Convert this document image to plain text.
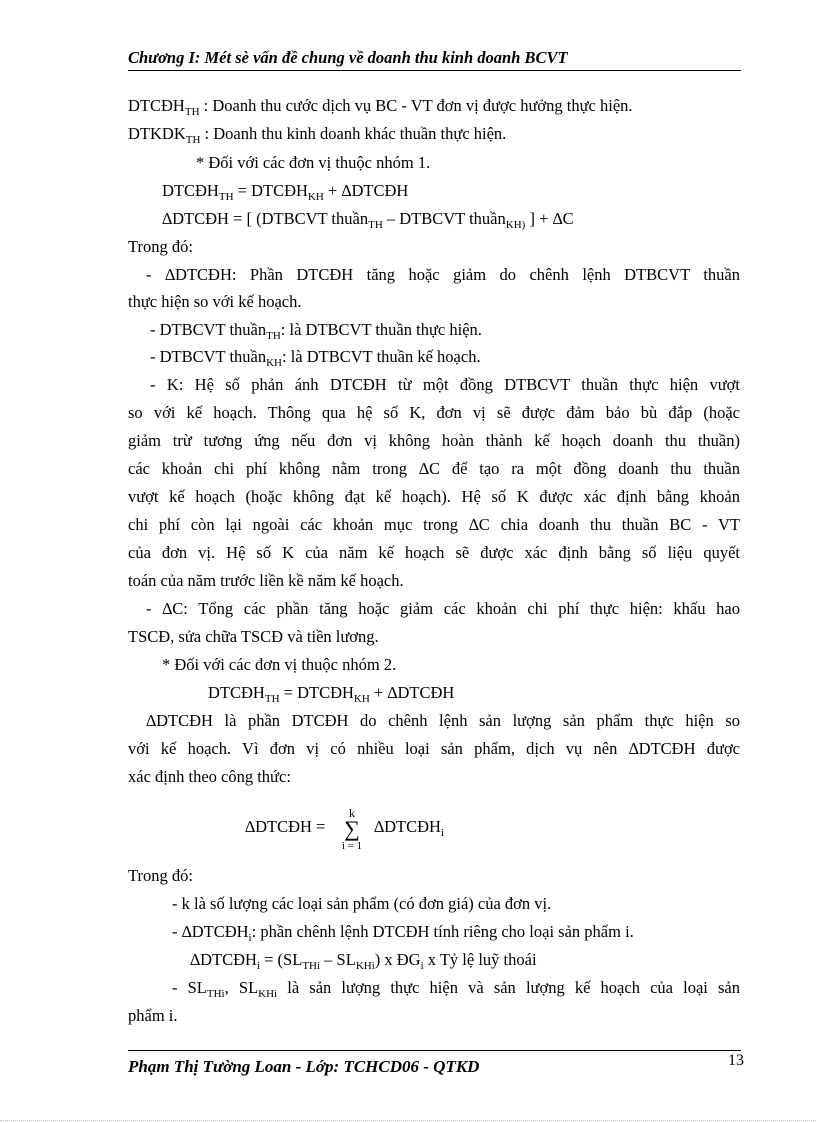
Chương I: Mét sè vấn đề chung về doanh thu kinh doanh BCVT
$DTCĐH_{TH}$ : Doanh thu cước dịch vụ BC - VT đơn vị được hưởng thực hiện.
$DTKDK_{TH}$ : Doanh thu kinh doanh khác thuần thực hiện.
* Đối với các đơn vị thuộc nhóm 1.
$DTCĐH_{TH}$ = $DTCĐH_{KH}$ + ∆DTCĐH
∆DTCĐH = [ (DTBCVT thuần$_{TH}$ – DTBCVT thuần$_{KH)}$ ] + ∆C
Trong đó:
- ∆DTCĐH: Phần DTCĐH tăng hoặc giảm do chênh lệnh DTBCVT thuần
thực hiện so với kế hoạch.
- DTBCVT thuần$_{TH}$: là DTBCVT thuần thực hiện.
- DTBCVT thuần$_{KH}$: là DTBCVT thuần kế hoạch.
- K: Hệ số phản ánh DTCĐH từ một đồng DTBCVT thuần thực hiện vượt
so với kế hoạch. Thông qua hệ số K, đơn vị sẽ được đảm bảo bù đắp (hoặc
giảm trừ tương ứng nếu đơn vị không hoàn thành kế hoạch doanh thu thuần)
các khoản chi phí không nằm trong ∆C để tạo ra một đồng doanh thu thuần
vượt kế hoạch (hoặc không đạt kế hoạch). Hệ số K được xác định bằng khoản
chi phí còn lại ngoài các khoản mục trong ∆C chia doanh thu thuần BC - VT
của đơn vị. Hệ số K của năm kế hoạch sẽ được xác định bằng số liệu quyết
toán của năm trước liền kề năm kế hoạch.
- ∆C: Tổng các phần tăng hoặc giảm các khoản chi phí thực hiện: khấu hao
TSCĐ, sửa chữa TSCĐ và tiền lương.
* Đối với các đơn vị thuộc nhóm 2.
$DTCĐH_{TH}$ = $DTCĐH_{KH}$ + ∆DTCĐH
∆DTCĐH là phần DTCĐH do chênh lệnh sản lượng sản phẩm thực hiện so
với kế hoạch. Vì đơn vị có nhiều loại sản phẩm, dịch vụ nên ∆DTCĐH được
xác định theo công thức:
∆DTCĐH =
k
∑
i = 1
$\Delta DTCĐH_i$
Trong đó:
- k là số lượng các loại sản phẩm (có đơn giá) của đơn vị.
- $\Delta DTCĐH_i$: phần chênh lệnh DTCĐH tính riêng cho loại sản phẩm i.
$\Delta DTCĐH_i = (SL_{THi} - SL_{KHi})$ x $ĐG_i$ x Tỷ lệ luỹ thoái
- $SL_{THi}$, $SL_{KHi}$ là sản lượng thực hiện và sản lượng kế hoạch của loại sản
phẩm i.
Phạm Thị Tường Loan - Lớp: TCHCD06 - QTKD	13
